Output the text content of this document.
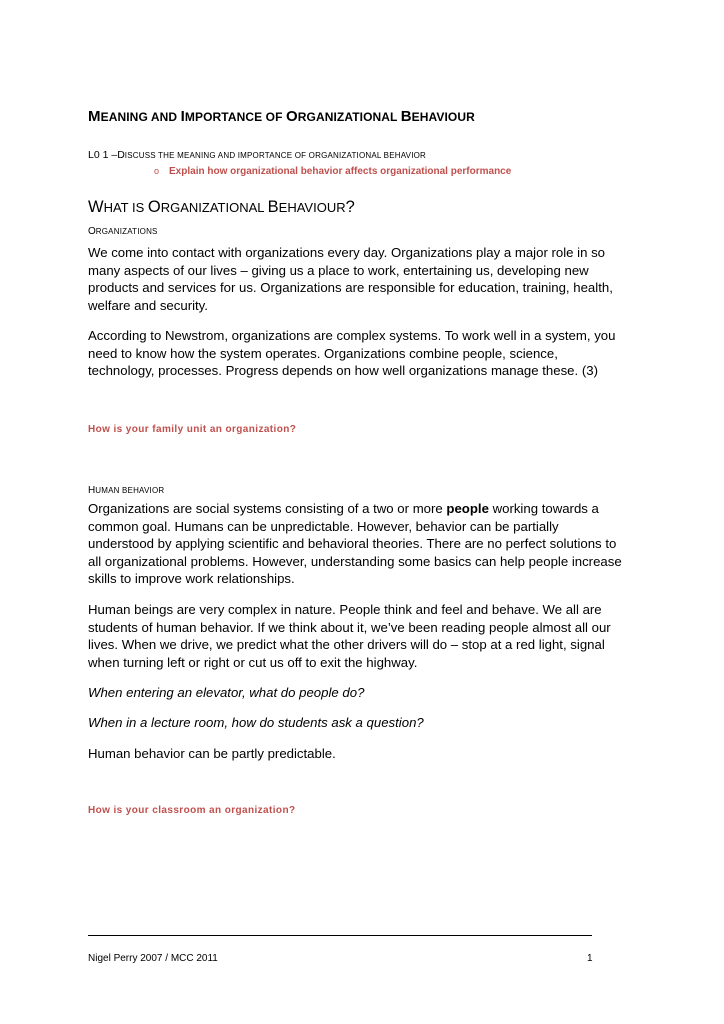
MEANING AND IMPORTANCE OF ORGANIZATIONAL BEHAVIOUR
L0 1 –DISCUSS THE MEANING AND IMPORTANCE OF ORGANIZATIONAL BEHAVIOR
o Explain how organizational behavior affects organizational performance
WHAT IS ORGANIZATIONAL BEHAVIOUR?
ORGANIZATIONS
We come into contact with organizations every day. Organizations play a major role in so
many aspects of our lives – giving us a place to work, entertaining us, developing new
products and services for us. Organizations are responsible for education, training, health,
welfare and security.
According to Newstrom, organizations are complex systems. To work well in a system, you
need to know how the system operates. Organizations combine people, science,
technology, processes. Progress depends on how well organizations manage these. (3)
How is your family unit an organization?
HUMAN BEHAVIOR
Organizations are social systems consisting of a two or more people working towards a
common goal. Humans can be unpredictable. However, behavior can be partially
understood by applying scientific and behavioral theories. There are no perfect solutions to
all organizational problems. However, understanding some basics can help people increase
skills to improve work relationships.
Human beings are very complex in nature. People think and feel and behave. We all are
students of human behavior. If we think about it, we’ve been reading people almost all our
lives. When we drive, we predict what the other drivers will do – stop at a red light, signal
when turning left or right or cut us off to exit the highway.
When entering an elevator, what do people do?
When in a lecture room, how do students ask a question?
Human behavior can be partly predictable.
How is your classroom an organization?
Nigel Perry 2007 / MCC 2011	1
